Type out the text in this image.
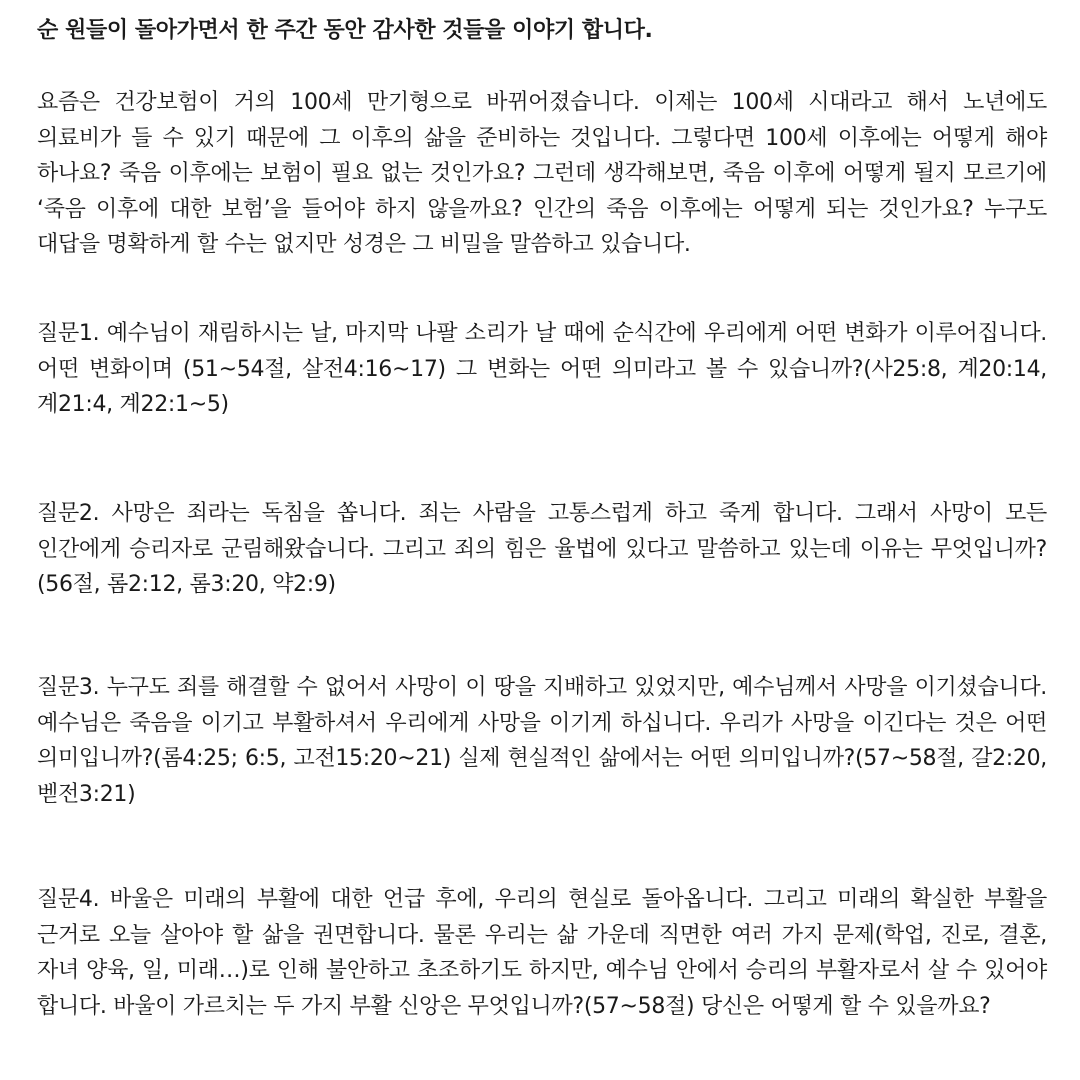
순 원들이 돌아가면서 한 주간 동안 감사한 것들을 이야기 합니다.

요즘은 건강보험이 거의 100세 만기형으로 바뀌어졌습니다. 이제는 100세 시대라고 해서 노년에도 의료비가 들 수 있기 때문에 그 이후의 삶을 준비하는 것입니다. 그렇다면 100세 이후에는 어떻게 해야 하나요? 죽음 이후에는 보험이 필요 없는 것인가요? 그런데 생각해보면, 죽음 이후에 어떻게 될지 모르기에 ‘죽음 이후에 대한 보험’을 들어야 하지 않을까요? 인간의 죽음 이후에는 어떻게 되는 것인가요? 누구도 대답을 명확하게 할 수는 없지만 성경은 그 비밀을 말씀하고 있습니다.

질문1. 예수님이 재림하시는 날, 마지막 나팔 소리가 날 때에 순식간에 우리에게 어떤 변화가 이루어집니다. 어떤 변화이며 (51~54절, 살전4:16~17) 그 변화는 어떤 의미라고 볼 수 있습니까?(사25:8, 계20:14, 계21:4, 계22:1~5)

질문2. 사망은 죄라는 독침을 쏩니다. 죄는 사람을 고통스럽게 하고 죽게 합니다. 그래서 사망이 모든 인간에게 승리자로 군림해왔습니다. 그리고 죄의 힘은 율법에 있다고 말씀하고 있는데 이유는 무엇입니까?(56절, 롬2:12, 롬3:20, 약2:9)

질문3. 누구도 죄를 해결할 수 없어서 사망이 이 땅을 지배하고 있었지만, 예수님께서 사망을 이기셨습니다. 예수님은 죽음을 이기고 부활하셔서 우리에게 사망을 이기게 하십니다. 우리가 사망을 이긴다는 것은 어떤 의미입니까?(롬4:25; 6:5, 고전15:20~21) 실제 현실적인 삶에서는 어떤 의미입니까?(57~58절, 갈2:20, 벧전3:21)

질문4. 바울은 미래의 부활에 대한 언급 후에, 우리의 현실로 돌아옵니다. 그리고 미래의 확실한 부활을 근거로 오늘 살아야 할 삶을 권면합니다. 물론 우리는 삶 가운데 직면한 여러 가지 문제(학업, 진로, 결혼, 자녀 양육, 일, 미래…)로 인해 불안하고 초조하기도 하지만, 예수님 안에서 승리의 부활자로서 살 수 있어야 합니다. 바울이 가르치는 두 가지 부활 신앙은 무엇입니까?(57~58절) 당신은 어떻게 할 수 있을까요?
